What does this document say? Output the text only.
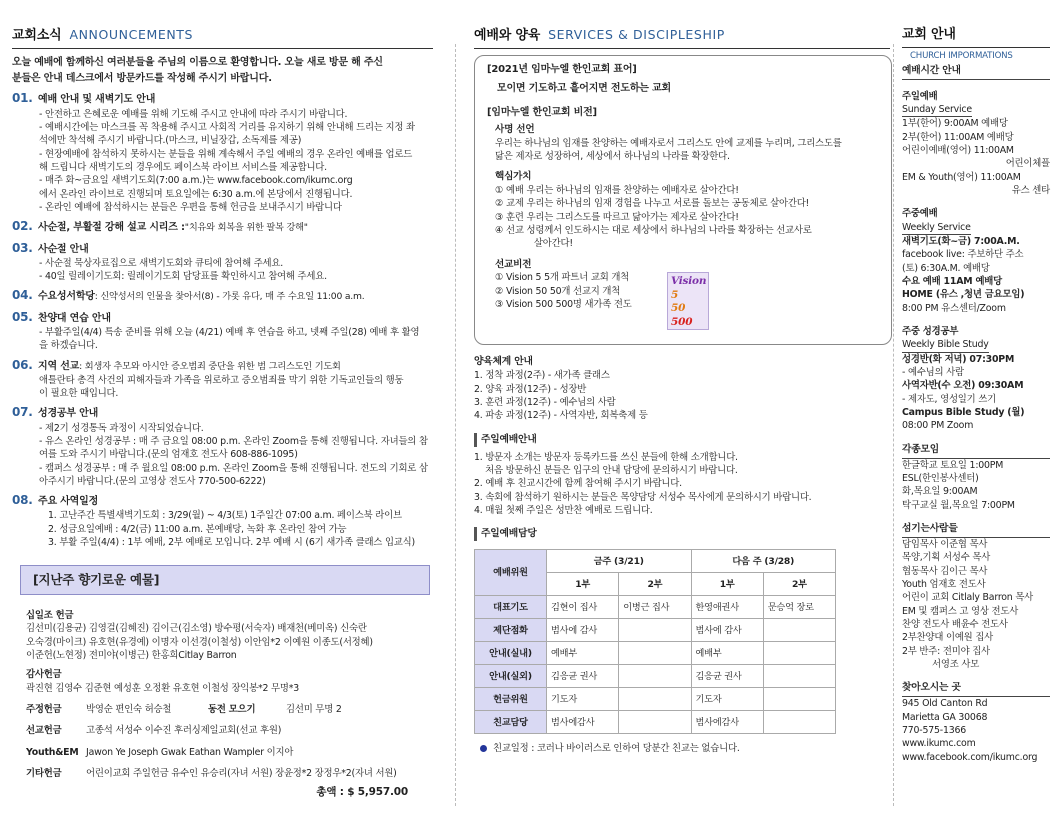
교회소식 ANNOUNCEMENTS
오늘 예배에 함께하신 여러분들을 주님의 이름으로 환영합니다. 오늘 새로 방문 해 주신
분들은 안내 데스크에서 방문카드를 작성해 주시기 바랍니다.
01. 예배 안내 및 새벽기도 안내
- 안전하고 은혜로운 예배를 위해 기도해 주시고 안내에 따라 주시기 바랍니다.
- 예배시간에는 마스크를 꼭 착용해 주시고 사회적 거리를 유지하기 위해 안내해 드리는 지정 좌
석에만 착석해 주시기 바랍니다.(마스크, 비닐장갑, 소독제를 제공)
- 현장예배에 참석하지 못하시는 분들을 위해 계속해서 주일 예배의 경우 온라인 예배를 업로드
해 드립니다 새벽기도의 경우에도 페이스북 라이브 서비스를 제공합니다.
- 매주 화~금요일 새벽기도회(7:00 a.m.)는 www.facebook.com/ikumc.org
에서 온라인 라이브로 진행되며 토요일에는 6:30 a.m.에 본당에서 진행됩니다.
- 온라인 예배에 참석하시는 분들은 우편을 통해 헌금을 보내주시기 바랍니다
02. 사순절, 부활절 강해 설교 시리즈 : "치유와 회복을 위한 팔복 강해"
03. 사순절 안내
- 사순절 묵상자료집으로 새벽기도회와 큐티에 참여해 주세요.
- 40일 릴레이기도회: 릴레이기도회 담당표를 확인하시고 참여해 주세요.
04. 수요성서학당 : 신약성서의 인물을 찾아서(8) - 가롯 유다, 매 주 수요일 11:00 a.m.
05. 찬양대 연습 안내
- 부활주일(4/4) 특송 준비를 위해 오늘 (4/21) 예배 후 연습을 하고, 넷째 주일(28) 예배 후 활영
을 하겠습니다.
06. 지역 선교 : 회생자 추모와 아시안 증오범죄 중단을 위한 범 그리스도인 기도회
애틀란타 총격 사건의 피해자들과 가족을 위로하고 증오범죄를 막기 위한 기독교인들의 행동
이 필요한 때입니다.
07. 성경공부 안내
- 제2기 성경통독 과정이 시작되었습니다.
- 유스 온라인 성경공부 : 매 주 금요일 08:00 p.m. 온라인 Zoom을 통해 진행됩니다. 자녀들의 참
여를 도와 주시기 바랍니다.(문의 엄재호 전도사 608-886-1095)
- 캠퍼스 성경공부 : 매 주 월요일 08:00 p.m. 온라인 Zoom을 통해 진행됩니다. 전도의 기회로 삼
아주시기 바랍니다.(문의 고영상 전도사 770-500-6222)
08. 주요 사역일정
1. 고난주간 특별새벽기도회 : 3/29(월) ~ 4/3(토) 1주일간 07:00 a.m. 페이스북 라이브
2. 성금요일예배 : 4/2(금) 11:00 a.m. 본예배당, 녹화 후 온라인 참여 가능
3. 부활 주일(4/4) : 1부 예배, 2부 예배로 모입니다. 2부 예배 시 (6기 새가족 클래스 입교식)
[지난주 향기로운 예물]
십일조 헌금
김선미(김용균) 김영걸(김혜진) 김이근(김소영) 방수평(서숙자) 배재천(베미옥) 신숙란
오숙경(마이크) 유호현(유경예) 이명자 이선경(이철성) 이안임*2 이예원 이종도(서정혜)
이준헌(노현정) 전미야(이병근) 한홍희Citlay Barron
감사헌금
곽진현 김영수 김준현 예성훈 오정환 유호현 이철성 장익봉*2 무명*3
주정헌금	박영순 편인숙 허승철	동전 모으기	김선미 무명 2
선교헌금	고종석 서성수 이수진 후러싱제일교회(선교 후원)
Youth&EM Jawon Ye Joseph Gwak Eathan Wampler 이지아
기타헌금	어린이교회 주일헌금 유수인 유승리(자녀 서원) 장윤정*2 장정우*2(자녀 서원)
총액 : $ 5,957.00
예배와 양육 SERVICES & DISCIPLESHIP
[2021년 임마누엘 한인교회 표어]
모이면 기도하고 흩어지면 전도하는 교회
[임마누엘 한인교회 비전]
사명 선언
우리는 하나님의 임재를 찬양하는 예배자로서 그리스도 안에 교제를 누리며, 그리스도를
닮은 제자로 성장하여, 세상에서 하나님의 나라를 확장한다.
핵심가치
① 예배 우리는 하나님의 임재를 찬양하는 예배자로 살아간다!
② 교제 우리는 하나님의 임재 경험을 나누고 서로를 돌보는 공동체로 살아간다!
③ 훈련 우리는 그리스도를 따르고 닮아가는 제자로 살아간다!
④ 선교 성령께서 인도하시는 대로 세상에서 하나님의 나라를 확장하는 선교사로
살아간다!
선교비전
① Vision 5 5개 파트너 교회 개척
② Vision 50 50개 선교지 개척
③ Vision 500 500명 새가족 전도
Vision
5
50
500
양육체계 안내
1. 정착 과정(2주) - 새가족 클래스
2. 양육 과정(12주) - 성장반
3. 훈련 과정(12주) - 예수님의 사람
4. 파송 과정(12주) - 사역자반, 회복축제 등
주일예배안내
1. 방문자 소개는 방문자 등록카드를 쓰신 분들에 한해 소개합니다.
처음 방문하신 분들은 입구의 안내 담당에 문의하시기 바랍니다.
2. 예배 후 친교시간에 함께 참여해 주시기 바랍니다.
3. 속회에 참석하기 원하시는 분들은 목양담당 서성수 목사에게 문의하시기 바랍니다.
4. 매월 첫째 주일은 성만찬 예배로 드립니다.
주일예배담당
예배위원	금주 (3/21)		다음 주 (3/28)	
	1부	2부	1부	2부
대표기도	김현이 집사	이병근 집사	한영애권사	문승억 장로
제단점화	범사에 감사		범사에 감사	
안내(실내)	예배부		예배부	
안내(실외)	김응균 권사		김응균 권사	
헌금위원	기도자		기도자	
친교담당	범사에감사		범사에감사	
친교일정 : 코러나 바이러스로 인하여 당분간 친교는 없습니다.
교회 안내
CHURCH IMPORMATIONS
예배시간 안내
주일예배
Sunday Service
1부(한어) 9:00AM 예배당
2부(한어) 11:00AM 예배당
어린이예배(영어) 11:00AM
어린이체플
EM & Youth(영어) 11:00AM
유스 센타
주중예배
Weekly Service
새벽기도(화~금) 7:00A.M.
facebook live: 주보하단 주소
(토) 6:30A.M. 예배당
수요 예배 11AM 예배당
HOME (유스 ,청년 금요모임)
8:00 PM 유스센터/Zoom
주중 성경공부
Weekly Bible Study
성경반(화 저녁) 07:30PM
- 예수님의 사람
사역자반(수 오전) 09:30AM
- 제자도, 영성일기 쓰기
Campus Bible Study (월)
08:00 PM Zoom
각종모임
한글학교 토요일 1:00PM
ESL(한인봉사센터)
화,목요일 9:00AM
탁구교실 월,목요일 7:00PM
섬기는사람들
담임목사 이준협 목사
목양,기획 서성수 목사
협동목사 김이근 목사
Youth 엄재호 전도사
어린이 교회 Citlaly Barron 목사
EM 및 캠퍼스 고 영상 전도사
찬양 전도사 배윤수 전도사
2부찬양대 이예원 집사
2부 반주: 전미야 집사
서영조 사모
찾아오시는 곳
945 Old Canton Rd
Marietta GA 30068
770-575-1366
www.ikumc.com
www.facebook.com/ikumc.org
